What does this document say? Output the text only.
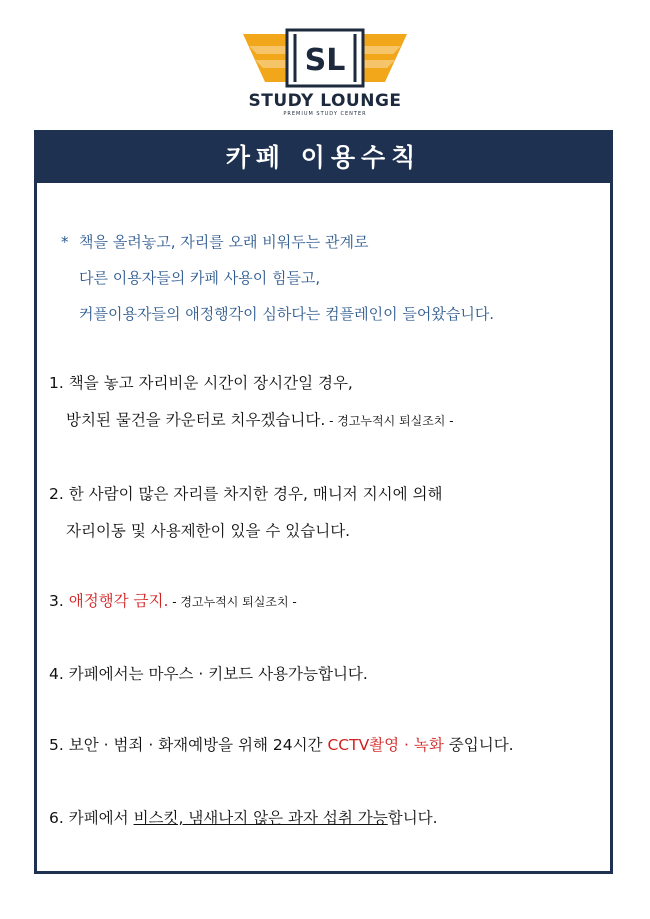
SL
STUDY LOUNGE
PREMIUM STUDY CENTER
카페 이용수칙
* 책을 올려놓고, 자리를 오래 비워두는 관계로
다른 이용자들의 카페 사용이 힘들고,
커플이용자들의 애정행각이 심하다는 컴플레인이 들어왔습니다.
1. 책을 놓고 자리비운 시간이 장시간일 경우,
방치된 물건을 카운터로 치우겠습니다. - 경고누적시 퇴실조치 -
2. 한 사람이 많은 자리를 차지한 경우, 매니저 지시에 의해
자리이동 및 사용제한이 있을 수 있습니다.
3. 애정행각 금지. - 경고누적시 퇴실조치 -
4. 카페에서는 마우스 · 키보드 사용가능합니다.
5. 보안 · 범죄 · 화재예방을 위해 24시간 CCTV촬영 · 녹화 중입니다.
6. 카페에서 비스킷, 냄새나지 않은 과자 섭취 가능합니다.
